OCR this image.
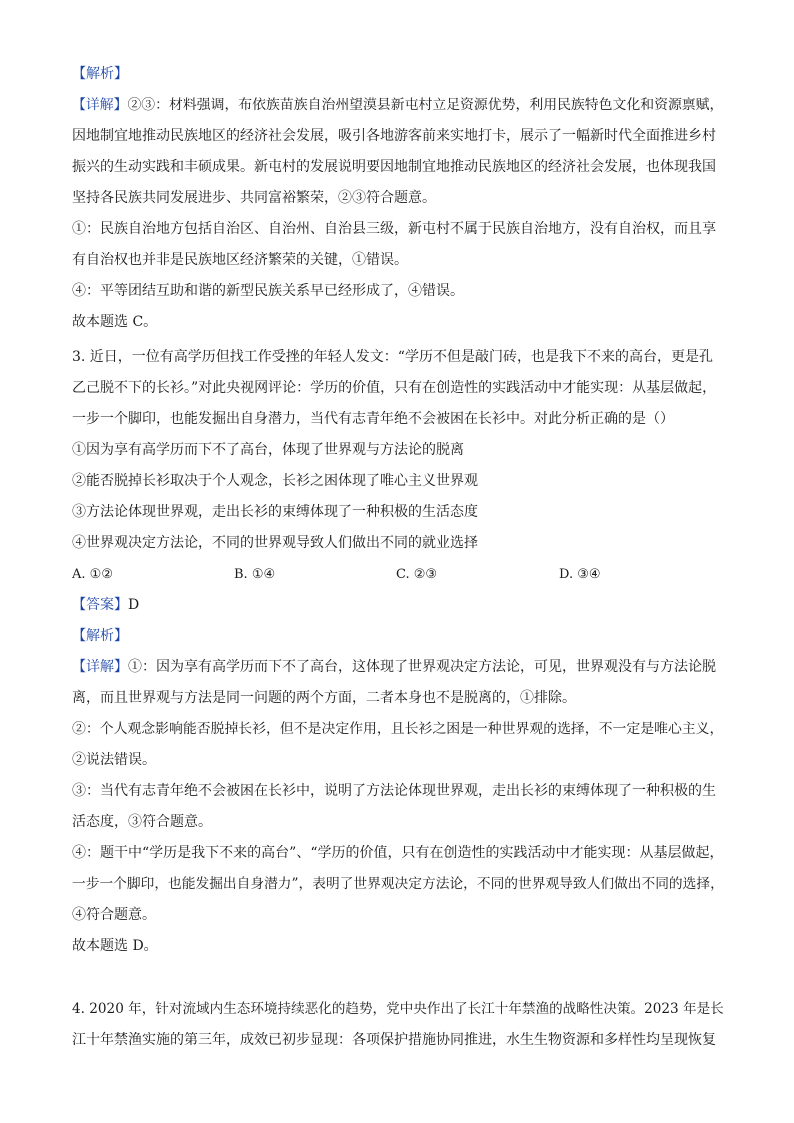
【解析】
【详解】②③：材料强调，布依族苗族自治州望漠县新屯村立足资源优势，利用民族特色文化和资源禀赋，
因地制宜地推动民族地区的经济社会发展，吸引各地游客前来实地打卡，展示了一幅新时代全面推进乡村
振兴的生动实践和丰硕成果。新屯村的发展说明要因地制宜地推动民族地区的经济社会发展，也体现我国
坚持各民族共同发展进步、共同富裕繁荣，②③符合题意。
①：民族自治地方包括自治区、自治州、自治县三级，新屯村不属于民族自治地方，没有自治权，而且享
有自治权也并非是民族地区经济繁荣的关键，①错误。
④：平等团结互助和谐的新型民族关系早已经形成了，④错误。
故本题选 C。
3. 近日，一位有高学历但找工作受挫的年轻人发文：“学历不但是敲门砖，也是我下不来的高台，更是孔
乙己脱不下的长衫。”对此央视网评论：学历的价值，只有在创造性的实践活动中才能实现：从基层做起，
一步一个脚印，也能发掘出自身潜力，当代有志青年绝不会被困在长衫中。对此分析正确的是（）
①因为享有高学历而下不了高台，体现了世界观与方法论的脱离
②能否脱掉长衫取决于个人观念，长衫之困体现了唯心主义世界观
③方法论体现世界观，走出长衫的束缚体现了一种积极的生活态度
④世界观决定方法论，不同的世界观导致人们做出不同的就业选择
A. ①②	B. ①④	C. ②③	D. ③④
【答案】D
【解析】
【详解】①：因为享有高学历而下不了高台，这体现了世界观决定方法论，可见，世界观没有与方法论脱
离，而且世界观与方法是同一问题的两个方面，二者本身也不是脱离的，①排除。
②：个人观念影响能否脱掉长衫，但不是决定作用，且长衫之困是一种世界观的选择，不一定是唯心主义，
②说法错误。
③：当代有志青年绝不会被困在长衫中，说明了方法论体现世界观，走出长衫的束缚体现了一种积极的生
活态度，③符合题意。
④：题干中“学历是我下不来的高台”、“学历的价值，只有在创造性的实践活动中才能实现：从基层做起，
一步一个脚印，也能发掘出自身潜力”，表明了世界观决定方法论，不同的世界观导致人们做出不同的选择，
④符合题意。
故本题选 D。
4. 2020 年，针对流域内生态环境持续恶化的趋势，党中央作出了长江十年禁渔的战略性决策。2023 年是长
江十年禁渔实施的第三年，成效已初步显现：各项保护措施协同推进，水生生物资源和多样性均呈现恢复
